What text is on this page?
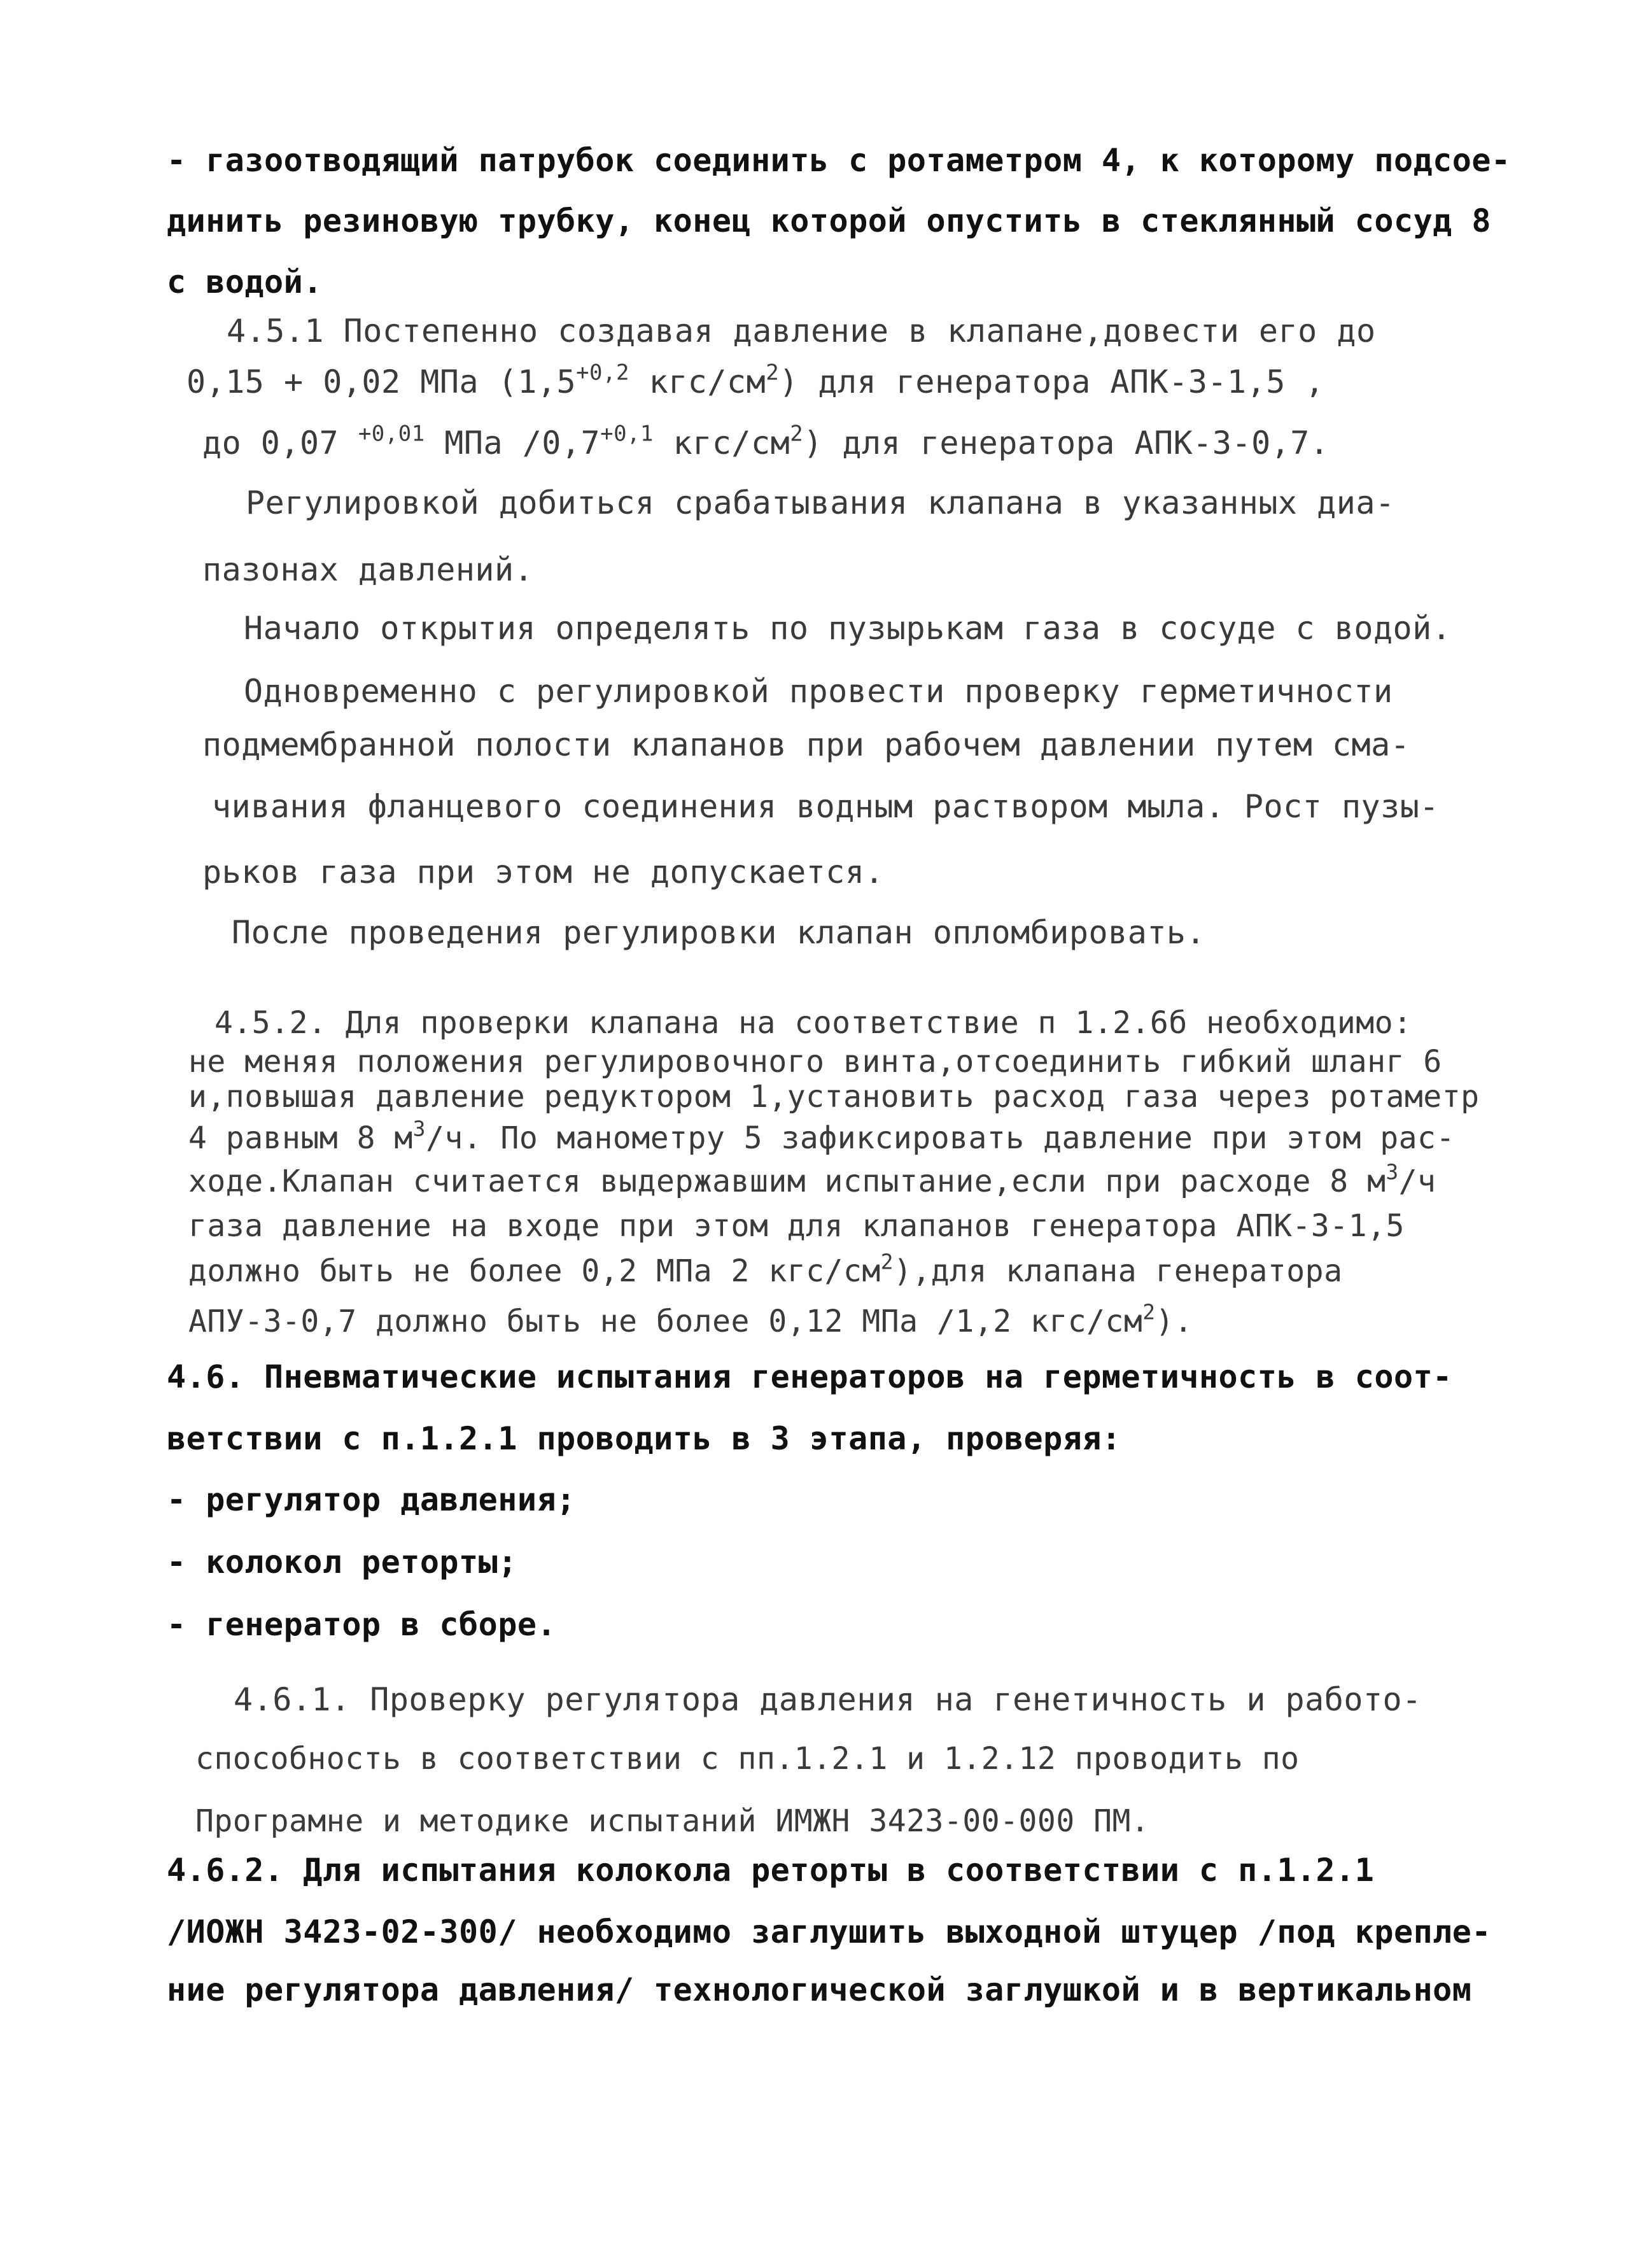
- газоотводящий патрубок соединить с ротаметром 4, к которому подсое-
динить резиновую трубку, конец которой опустить в стеклянный сосуд 8
с водой.
4.5.1 Постепенно создавая давление в клапане,довести его до
0,15 + 0,02 МПа ($1,5^{+0,2}$ кгс/$см^2$) для генератора АПК-3-1,5 ,
до 0,07 $^{+0,01}$ МПа $/0,7^{+0,1}$ кгс/$см^2$) для генератора АПК-3-0,7.
Регулировкой добиться срабатывания клапана в указанных диа-
пазонах давлений.
Начало открытия определять по пузырькам газа в сосуде с водой.
Одновременно с регулировкой провести проверку герметичности
подмембранной полости клапанов при рабочем давлении путем сма-
чивания фланцевого соединения водным раствором мыла. Рост пузы-
рьков газа при этом не допускается.
После проведения регулировки клапан опломбировать.
4.5.2. Для проверки клапана на соответствие п 1.2.6б необходимо:
не меняя положения регулировочного винта,отсоединить гибкий шланг 6
и,повышая давление редуктором 1,установить расход газа через ротаметр
4 равным 8 $м^3/ч$. По манометру 5 зафиксировать давление при этом рас-
ходе.Клапан считается выдержавшим испытание,если при расходе 8 $м^3/ч$
газа давление на входе при этом для клапанов генератора АПК-3-1,5
должно быть не более 0,2 МПа 2 кгс/$см^2),для$ клапана генератора
АПУ-3-0,7 должно быть не более 0,12 МПа /1,2 кгс/$см^2$).
4.6. Пневматические испытания генераторов на герметичность в соот-
ветствии с п.1.2.1 проводить в 3 этапа, проверяя:
- регулятор давления;
- колокол реторты;
- генератор в сборе.
4.6.1. Проверку регулятора давления на генетичность и работо-
способность в соответствии с пп.1.2.1 и 1.2.12 проводить по
Програмне и методике испытаний ИМЖН 3423-00-000 ПМ.
4.6.2. Для испытания колокола реторты в соответствии с п.1.2.1
/ИОЖН 3423-02-300/ необходимо заглушить выходной штуцер /под крепле-
ние регулятора давления/ технологической заглушкой и в вертикальном
